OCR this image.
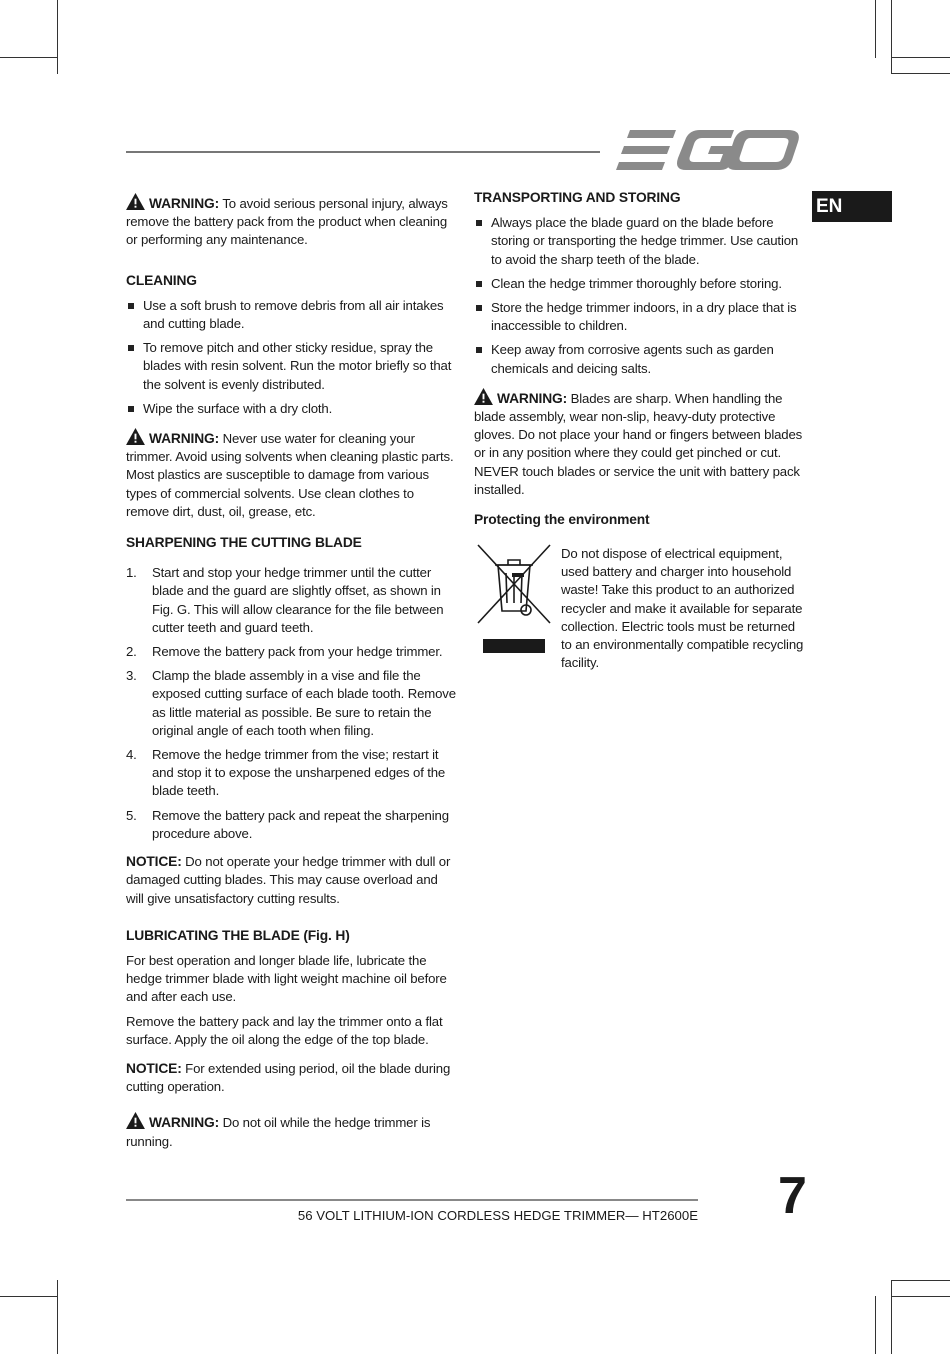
EN

WARNING: To avoid serious personal injury, always remove the battery pack from the product when cleaning or performing any maintenance.

CLEANING

Use a soft brush to remove debris from all air intakes and cutting blade.
To remove pitch and other sticky residue, spray the blades with resin solvent. Run the motor briefly so that the solvent is evenly distributed.
Wipe the surface with a dry cloth.

WARNING: Never use water for cleaning your trimmer. Avoid using solvents when cleaning plastic parts. Most plastics are susceptible to damage from various types of commercial solvents. Use clean clothes to remove dirt, dust, oil, grease, etc.

SHARPENING THE CUTTING BLADE

1. Start and stop your hedge trimmer until the cutter blade and the guard are slightly offset, as shown in Fig. G. This will allow clearance for the file between cutter teeth and guard teeth.
2. Remove the battery pack from your hedge trimmer.
3. Clamp the blade assembly in a vise and file the exposed cutting surface of each blade tooth. Remove as little material as possible. Be sure to retain the original angle of each tooth when filing.
4. Remove the hedge trimmer from the vise; restart it and stop it to expose the unsharpened edges of the blade teeth.
5. Remove the battery pack and repeat the sharpening procedure above.

NOTICE: Do not operate your hedge trimmer with dull or damaged cutting blades. This may cause overload and will give unsatisfactory cutting results.

LUBRICATING THE BLADE (Fig. H)

For best operation and longer blade life, lubricate the hedge trimmer blade with light weight machine oil before and after each use.

Remove the battery pack and lay the trimmer onto a flat surface. Apply the oil along the edge of the top blade.

NOTICE: For extended using period, oil the blade during cutting operation.

WARNING: Do not oil while the hedge trimmer is running.

TRANSPORTING AND STORING

Always place the blade guard on the blade before storing or transporting the hedge trimmer. Use caution to avoid the sharp teeth of the blade.
Clean the hedge trimmer thoroughly before storing.
Store the hedge trimmer indoors, in a dry place that is inaccessible to children.
Keep away from corrosive agents such as garden chemicals and deicing salts.

WARNING: Blades are sharp. When handling the blade assembly, wear non-slip, heavy-duty protective gloves. Do not place your hand or fingers between blades or in any position where they could get pinched or cut. NEVER touch blades or service the unit with battery pack installed.

Protecting the environment

Do not dispose of electrical equipment, used battery and charger into household waste! Take this product to an authorized recycler and make it available for separate collection. Electric tools must be returned to an environmentally compatible recycling facility.

56 VOLT LITHIUM-ION CORDLESS HEDGE TRIMMER— HT2600E 7
